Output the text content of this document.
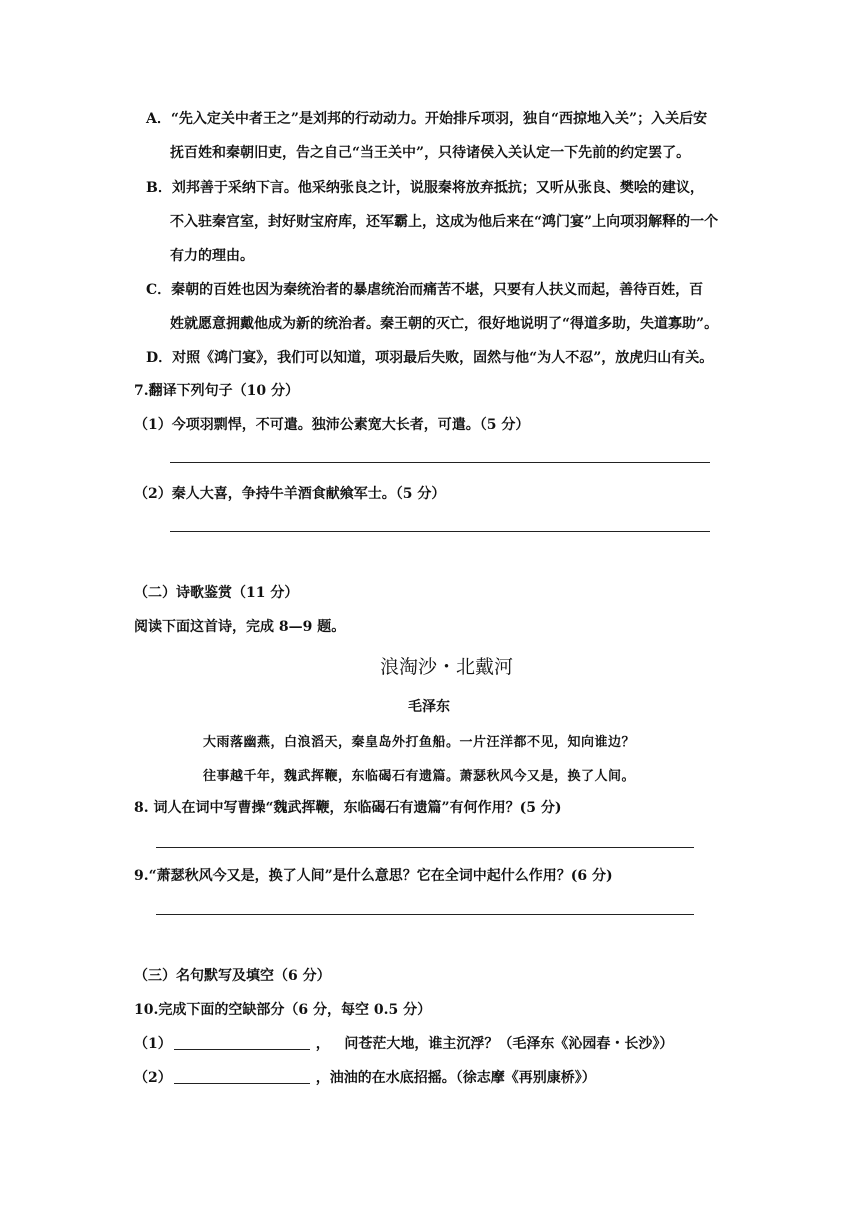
A．“先入定关中者王之”是刘邦的行动动力。开始排斥项羽，独自“西掠地入关”；入关后安
抚百姓和秦朝旧吏，告之自己“当王关中”，只待诸侯入关认定一下先前的约定罢了。
B．刘邦善于采纳下言。他采纳张良之计，说服秦将放弃抵抗；又听从张良、樊哙的建议，
不入驻秦宫室，封好财宝府库，还军霸上，这成为他后来在“鸿门宴”上向项羽解释的一个
有力的理由。
C．秦朝的百姓也因为秦统治者的暴虐统治而痛苦不堪，只要有人扶义而起，善待百姓，百
姓就愿意拥戴他成为新的统治者。秦王朝的灭亡，很好地说明了“得道多助，失道寡助”。
D．对照《鸿门宴》，我们可以知道，项羽最后失败，固然与他“为人不忍”，放虎归山有关。
7.翻译下列句子（10 分）
（1）今项羽剽悍，不可遣。独沛公素宽大长者，可遣。（5 分）
（2）秦人大喜，争持牛羊酒食献飨军士。（5 分）
（二）诗歌鉴赏（11 分）
阅读下面这首诗，完成 8—9 题。
浪淘沙・北戴河
毛泽东
大雨落幽燕，白浪滔天，秦皇岛外打鱼船。一片汪洋都不见，知向谁边？
往事越千年，魏武挥鞭，东临碣石有遗篇。萧瑟秋风今又是，换了人间。
8. 词人在词中写曹操“魏武挥鞭，东临碣石有遗篇”有何作用？(5 分)
9.“萧瑟秋风今又是，换了人间”是什么意思？它在全词中起什么作用？(6 分)
（三）名句默写及填空（6 分）
10.完成下面的空缺部分（6 分，每空 0.5 分）
（1）	， 问苍茫大地，谁主沉浮？（毛泽东《沁园春・长沙》）
（2）	，油油的在水底招摇。（徐志摩《再别康桥》）
